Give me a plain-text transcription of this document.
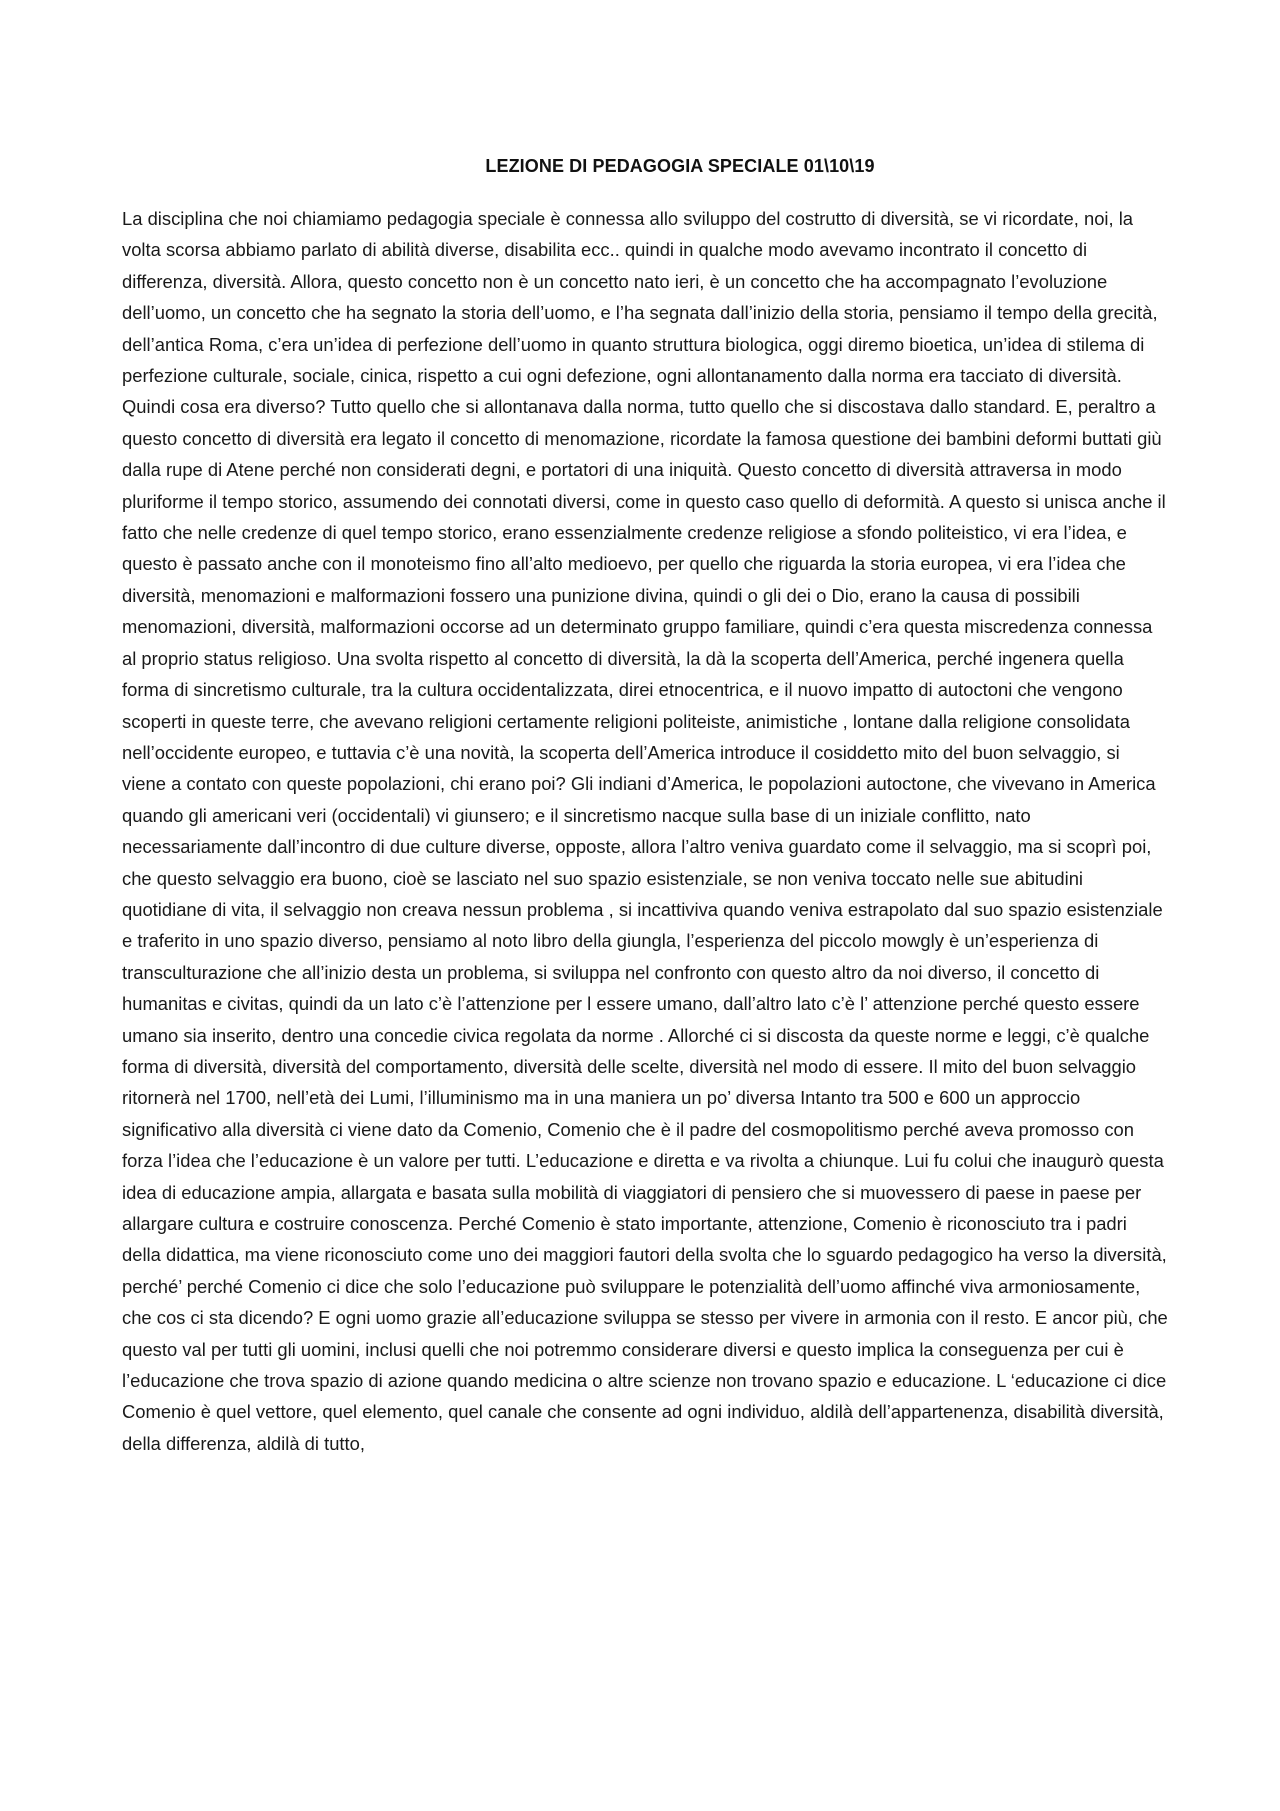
LEZIONE DI PEDAGOGIA SPECIALE 01\10\19

La disciplina che noi chiamiamo pedagogia speciale è connessa allo sviluppo del costrutto di diversità, se vi ricordate, noi, la volta scorsa abbiamo parlato di abilità diverse, disabilita ecc.. quindi in qualche modo avevamo incontrato il concetto di differenza, diversità. Allora, questo concetto non è un concetto nato ieri, è un concetto che ha accompagnato l’evoluzione dell’uomo, un concetto che ha segnato la storia dell’uomo, e l’ha segnata dall’inizio della storia, pensiamo il tempo della grecità, dell’antica Roma, c’era un’idea di perfezione dell’uomo in quanto struttura biologica, oggi diremo bioetica, un’idea di stilema di perfezione culturale, sociale, cinica, rispetto a cui ogni defezione, ogni allontanamento dalla norma era tacciato di diversità. Quindi cosa era diverso? Tutto quello che si allontanava dalla norma, tutto quello che si discostava dallo standard. E, peraltro a questo concetto di diversità era legato il concetto di menomazione, ricordate la famosa questione dei bambini deformi buttati giù dalla rupe di Atene perché non considerati degni, e portatori di una iniquità. Questo concetto di diversità attraversa in modo pluriforme il tempo storico, assumendo dei connotati diversi, come in questo caso quello di deformità. A questo si unisca anche il fatto che nelle credenze di quel tempo storico, erano essenzialmente credenze religiose a sfondo politeistico, vi era l’idea, e questo è passato anche con il monoteismo fino all’alto medioevo, per quello che riguarda la storia europea, vi era l’idea che diversità, menomazioni e malformazioni fossero una punizione divina, quindi o gli dei o Dio, erano la causa di possibili menomazioni, diversità, malformazioni occorse ad un determinato gruppo familiare, quindi c’era questa miscredenza connessa al proprio status religioso. Una svolta rispetto al concetto di diversità, la dà la scoperta dell’America, perché ingenera quella forma di sincretismo culturale, tra la cultura occidentalizzata, direi etnocentrica, e il nuovo impatto di autoctoni che vengono scoperti in queste terre, che avevano religioni certamente religioni politeiste, animistiche , lontane dalla religione consolidata nell’occidente europeo, e tuttavia c’è una novità, la scoperta dell’America introduce il cosiddetto mito del buon selvaggio, si viene a contato con queste popolazioni, chi erano poi? Gli indiani d’America, le popolazioni autoctone, che vivevano in America quando gli americani veri (occidentali) vi giunsero; e il sincretismo nacque sulla base di un iniziale conflitto, nato necessariamente dall’incontro di due culture diverse, opposte, allora l’altro veniva guardato come il selvaggio, ma si scoprì poi, che questo selvaggio era buono, cioè se lasciato nel suo spazio esistenziale, se non veniva toccato nelle sue abitudini quotidiane di vita, il selvaggio non creava nessun problema , si incattiviva quando veniva estrapolato dal suo spazio esistenziale e traferito in uno spazio diverso, pensiamo al noto libro della giungla, l’esperienza del piccolo mowgly è un’esperienza di transculturazione che all’inizio desta un problema, si sviluppa nel confronto con questo altro da noi diverso, il concetto di humanitas e civitas, quindi da un lato c’è l’attenzione per l essere umano, dall’altro lato c’è l’ attenzione perché questo essere umano sia inserito, dentro una concedie civica regolata da norme . Allorché ci si discosta da queste norme e leggi, c’è qualche forma di diversità, diversità del comportamento, diversità delle scelte, diversità nel modo di essere. Il mito del buon selvaggio ritornerà nel 1700, nell’età dei Lumi, l’illuminismo ma in una maniera un po’ diversa Intanto tra 500 e 600 un approccio significativo alla diversità ci viene dato da Comenio, Comenio che è il padre del cosmopolitismo perché aveva promosso con forza l’idea che l’educazione è un valore per tutti. L’educazione e diretta e va rivolta a chiunque. Lui fu colui che inaugurò questa idea di educazione ampia, allargata e basata sulla mobilità di viaggiatori di pensiero che si muovessero di paese in paese per allargare cultura e costruire conoscenza. Perché Comenio è stato importante, attenzione, Comenio è riconosciuto tra i padri della didattica, ma viene riconosciuto come uno dei maggiori fautori della svolta che lo sguardo pedagogico ha verso la diversità, perché’ perché Comenio ci dice che solo l’educazione può sviluppare le potenzialità dell’uomo affinché viva armoniosamente, che cos ci sta dicendo? E ogni uomo grazie all’educazione sviluppa se stesso per vivere in armonia con il resto. E ancor più, che questo val per tutti gli uomini, inclusi quelli che noi potremmo considerare diversi e questo implica la conseguenza per cui è l’educazione che trova spazio di azione quando medicina o altre scienze non trovano spazio e educazione. L ‘educazione ci dice Comenio è quel vettore, quel elemento, quel canale che consente ad ogni individuo, aldilà dell’appartenenza, disabilità diversità, della differenza, aldilà di tutto,
